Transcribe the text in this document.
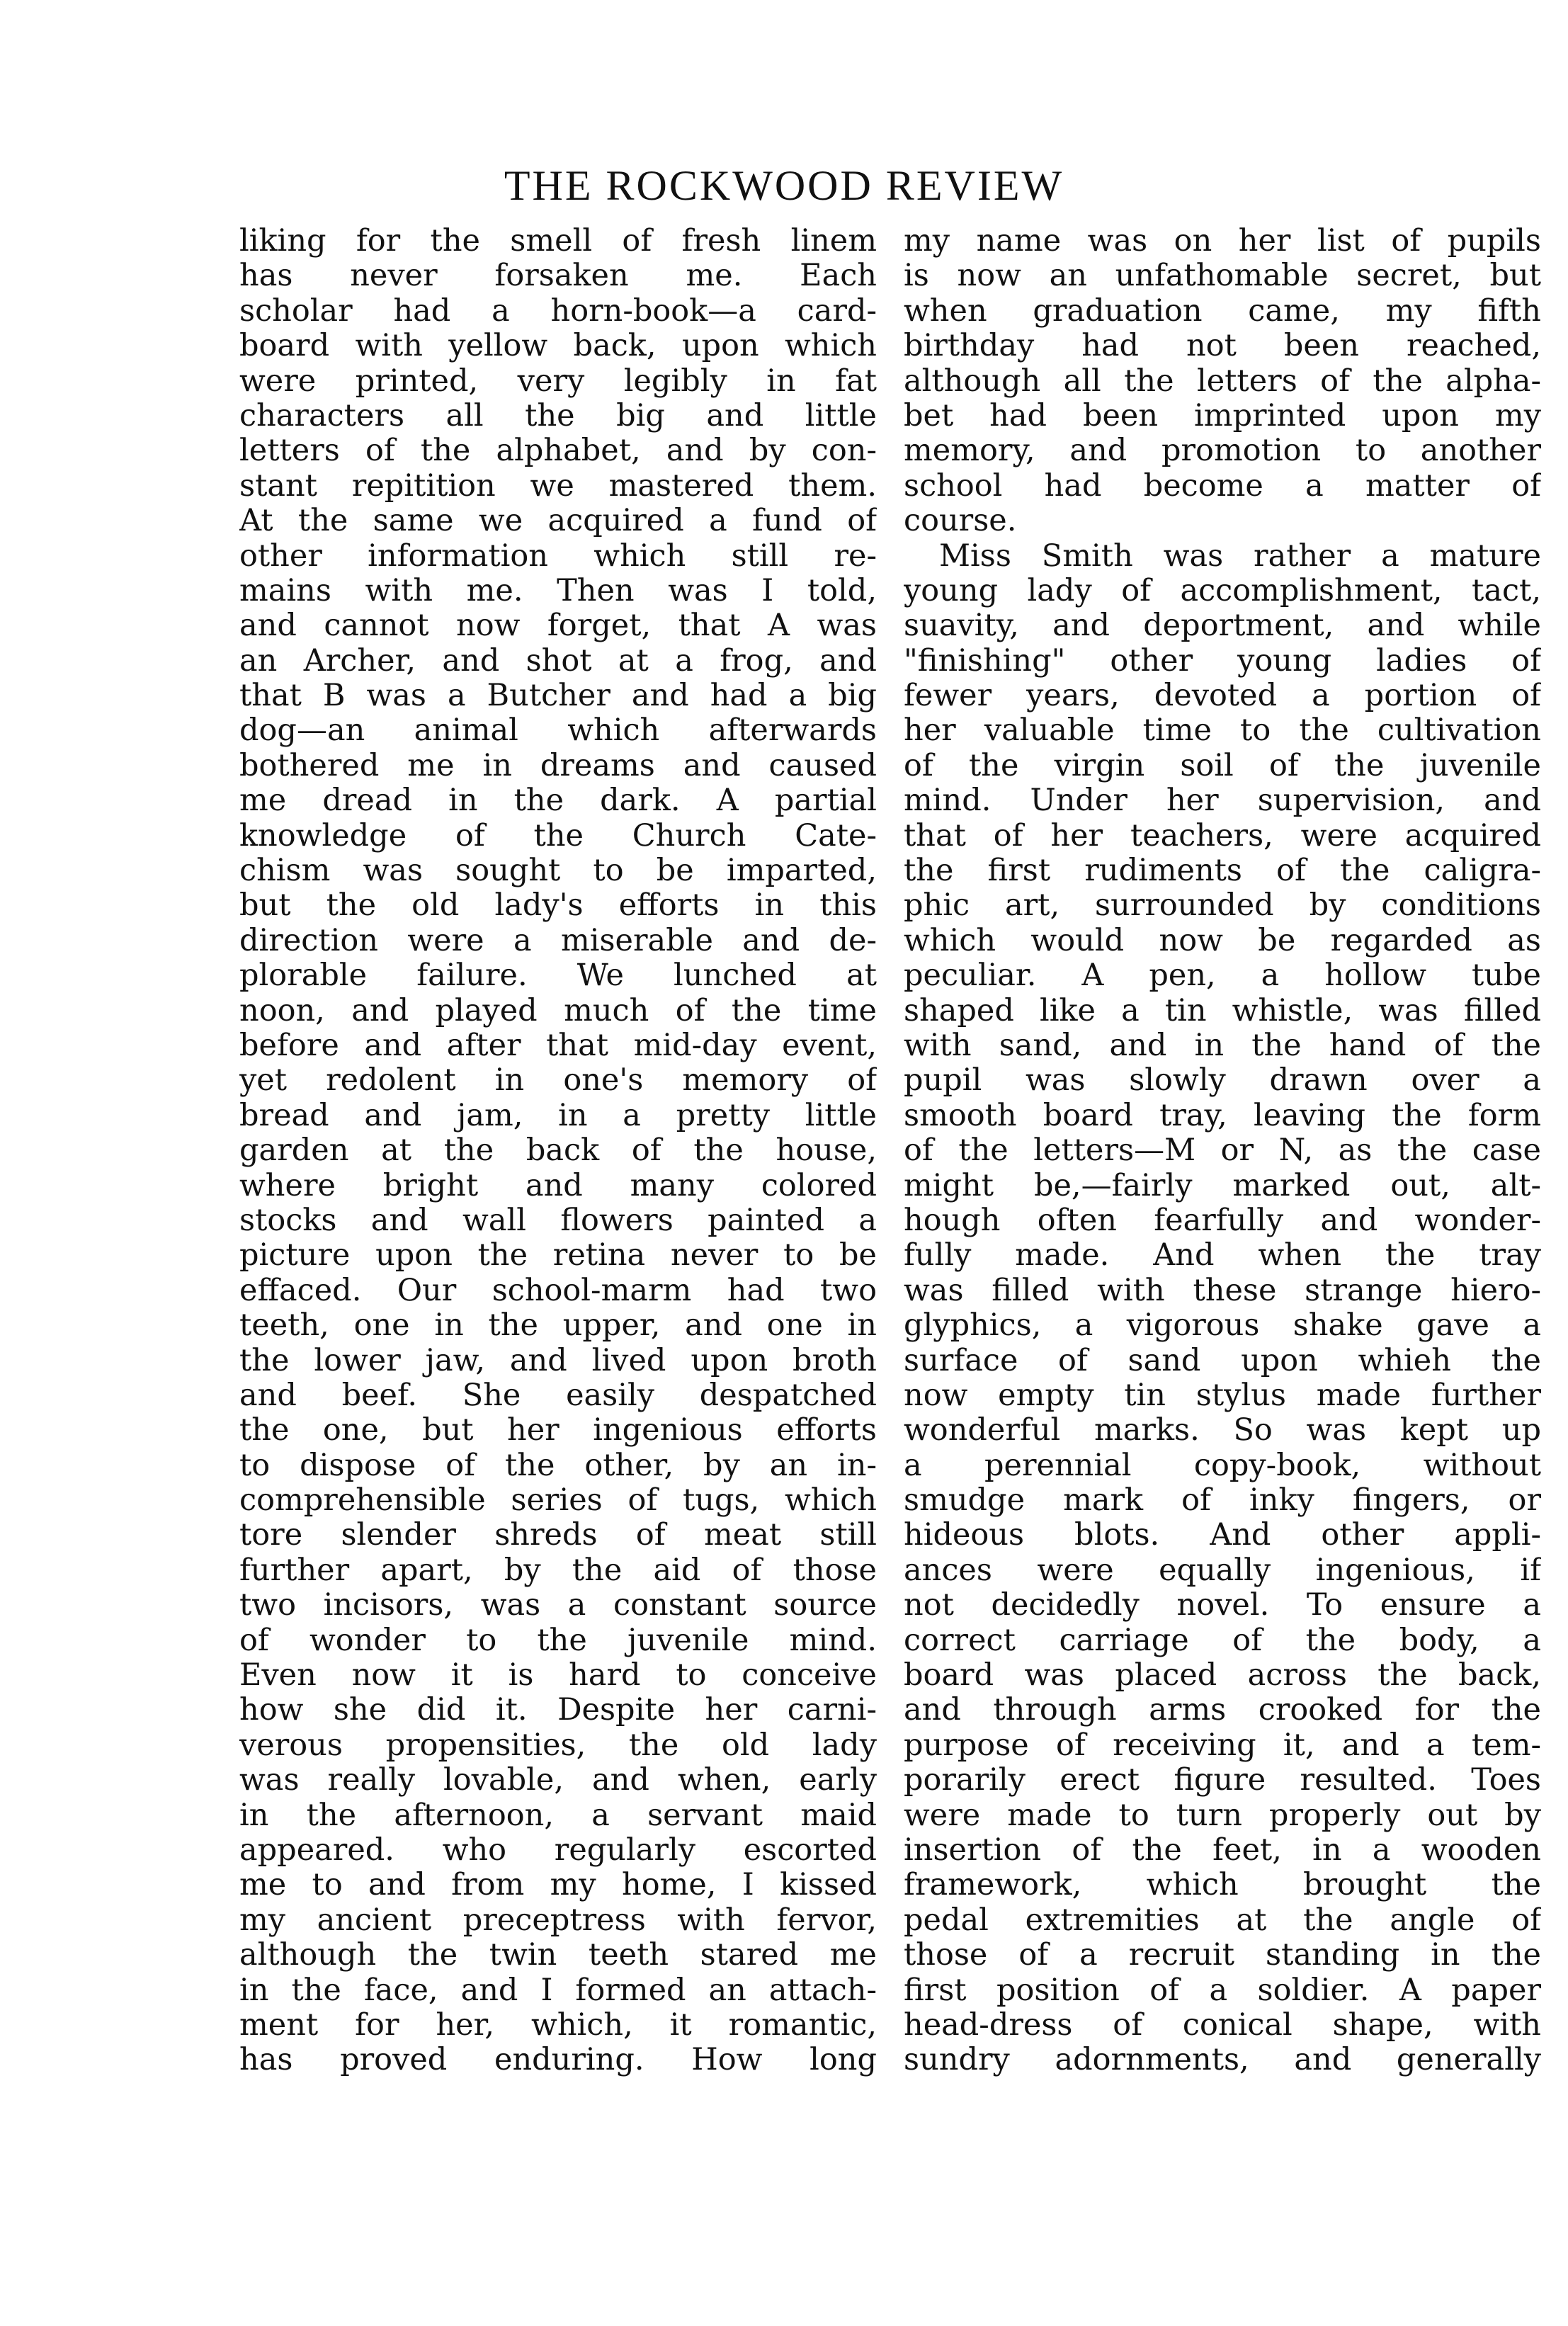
THE ROCKWOOD REVIEW
liking for the smell of fresh linem
has never forsaken me. Each
scholar had a horn-book—a card-
board with yellow back, upon which
were printed, very legibly in fat
characters all the big and little
letters of the alphabet, and by con-
stant repitition we mastered them.
At the same we acquired a fund of
other information which still re-
mains with me. Then was I told,
and cannot now forget, that A was
an Archer, and shot at a frog, and
that B was a Butcher and had a big
dog—an animal which afterwards
bothered me in dreams and caused
me dread in the dark. A partial
knowledge of the Church Cate-
chism was sought to be imparted,
but the old lady's efforts in this
direction were a miserable and de-
plorable failure. We lunched at
noon, and played much of the time
before and after that mid-day event,
yet redolent in one's memory of
bread and jam, in a pretty little
garden at the back of the house,
where bright and many colored
stocks and wall flowers painted a
picture upon the retina never to be
effaced. Our school-marm had two
teeth, one in the upper, and one in
the lower jaw, and lived upon broth
and beef. She easily despatched
the one, but her ingenious efforts
to dispose of the other, by an in-
comprehensible series of tugs, which
tore slender shreds of meat still
further apart, by the aid of those
two incisors, was a constant source
of wonder to the juvenile mind.
Even now it is hard to conceive
how she did it. Despite her carni-
verous propensities, the old lady
was really lovable, and when, early
in the afternoon, a servant maid
appeared. who regularly escorted
me to and from my home, I kissed
my ancient preceptress with fervor,
although the twin teeth stared me
in the face, and I formed an attach-
ment for her, which, it romantic,
has proved enduring. How long
my name was on her list of pupils
is now an unfathomable secret, but
when graduation came, my fifth
birthday had not been reached,
although all the letters of the alpha-
bet had been imprinted upon my
memory, and promotion to another
school had become a matter of
course.
Miss Smith was rather a mature
young lady of accomplishment, tact,
suavity, and deportment, and while
"finishing" other young ladies of
fewer years, devoted a portion of
her valuable time to the cultivation
of the virgin soil of the juvenile
mind. Under her supervision, and
that of her teachers, were acquired
the first rudiments of the caligra-
phic art, surrounded by conditions
which would now be regarded as
peculiar. A pen, a hollow tube
shaped like a tin whistle, was filled
with sand, and in the hand of the
pupil was slowly drawn over a
smooth board tray, leaving the form
of the letters—M or N, as the case
might be,—fairly marked out, alt-
hough often fearfully and wonder-
fully made. And when the tray
was filled with these strange hiero-
glyphics, a vigorous shake gave a
surface of sand upon whieh the
now empty tin stylus made further
wonderful marks. So was kept up
a perennial copy-book, without
smudge mark of inky fingers, or
hideous blots. And other appli-
ances were equally ingenious, if
not decidedly novel. To ensure a
correct carriage of the body, a
board was placed across the back,
and through arms crooked for the
purpose of receiving it, and a tem-
porarily erect figure resulted. Toes
were made to turn properly out by
insertion of the feet, in a wooden
framework, which brought the
pedal extremities at the angle of
those of a recruit standing in the
first position of a soldier. A paper
head-dress of conical shape, with
sundry adornments, and generally
